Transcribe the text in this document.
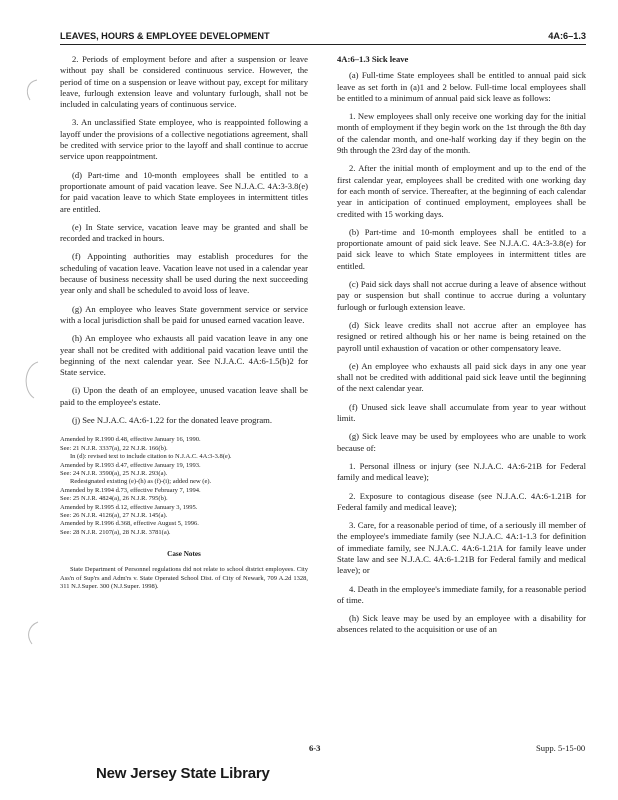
LEAVES, HOURS & EMPLOYEE DEVELOPMENT	4A:6–1.3

2. Periods of employment before and after a suspension or leave without pay shall be considered continuous service. However, the period of time on a suspension or leave without pay, except for military leave, furlough extension leave and voluntary furlough, shall not be included in calculating years of continuous service.

3. An unclassified State employee, who is reappointed following a layoff under the provisions of a collective negotiations agreement, shall be credited with service prior to the layoff and shall continue to accrue service upon reappointment.

(d) Part-time and 10-month employees shall be entitled to a proportionate amount of paid vacation leave. See N.J.A.C. 4A:3-3.8(e) for paid vacation leave to which State employees in intermittent titles are entitled.

(e) In State service, vacation leave may be granted and shall be recorded and tracked in hours.

(f) Appointing authorities may establish procedures for the scheduling of vacation leave. Vacation leave not used in a calendar year because of business necessity shall be used during the next succeeding year only and shall be scheduled to avoid loss of leave.

(g) An employee who leaves State government service or service with a local jurisdiction shall be paid for unused earned vacation leave.

(h) An employee who exhausts all paid vacation leave in any one year shall not be credited with additional paid vacation leave until the beginning of the next calendar year. See N.J.A.C. 4A:6-1.5(b)2 for State service.

(i) Upon the death of an employee, unused vacation leave shall be paid to the employee's estate.

(j) See N.J.A.C. 4A:6-1.22 for the donated leave program.

Amended by R.1990 d.48, effective January 16, 1990.
See: 21 N.J.R. 3337(a), 22 N.J.R. 166(b).
In (d): revised text to include citation to N.J.A.C. 4A:3-3.8(e).
Amended by R.1993 d.47, effective January 19, 1993.
See: 24 N.J.R. 3590(a), 25 N.J.R. 293(a).
Redesignated existing (e)-(h) as (f)-(i); added new (e).
Amended by R.1994 d.73, effective February 7, 1994.
See: 25 N.J.R. 4824(a), 26 N.J.R. 795(b).
Amended by R.1995 d.12, effective January 3, 1995.
See: 26 N.J.R. 4126(a), 27 N.J.R. 145(a).
Amended by R.1996 d.368, effective August 5, 1996.
See: 28 N.J.R. 2107(a), 28 N.J.R. 3781(a).
Case Notes
State Department of Personnel regulations did not relate to school district employees. City Ass'n of Sup'rs and Adm'rs v. State Operated School Dist. of City of Newark, 709 A.2d 1328, 311 N.J.Super. 300 (N.J.Super. 1998).
4A:6–1.3 Sick leave

(a) Full-time State employees shall be entitled to annual paid sick leave as set forth in (a)1 and 2 below. Full-time local employees shall be entitled to a minimum of annual paid sick leave as follows:

1. New employees shall only receive one working day for the initial month of employment if they begin work on the 1st through the 8th day of the calendar month, and one-half working day if they begin on the 9th through the 23rd day of the month.

2. After the initial month of employment and up to the end of the first calendar year, employees shall be credited with one working day for each month of service. Thereafter, at the beginning of each calendar year in anticipation of continued employment, employees shall be credited with 15 working days.

(b) Part-time and 10-month employees shall be entitled to a proportionate amount of paid sick leave. See N.J.A.C. 4A:3-3.8(e) for paid sick leave to which State employees in intermittent titles are entitled.

(c) Paid sick days shall not accrue during a leave of absence without pay or suspension but shall continue to accrue during a voluntary furlough or furlough extension leave.

(d) Sick leave credits shall not accrue after an employee has resigned or retired although his or her name is being retained on the payroll until exhaustion of vacation or other compensatory leave.

(e) An employee who exhausts all paid sick days in any one year shall not be credited with additional paid sick leave until the beginning of the next calendar year.

(f) Unused sick leave shall accumulate from year to year without limit.

(g) Sick leave may be used by employees who are unable to work because of:

1. Personal illness or injury (see N.J.A.C. 4A:6-21B for Federal family and medical leave);

2. Exposure to contagious disease (see N.J.A.C. 4A:6-1.21B for Federal family and medical leave);

3. Care, for a reasonable period of time, of a seriously ill member of the employee's immediate family (see N.J.A.C. 4A:1-1.3 for definition of immediate family, see N.J.A.C. 4A:6-1.21A for family leave under State law and see N.J.A.C. 4A:6-1.21B for Federal family and medical leave); or

4. Death in the employee's immediate family, for a reasonable period of time.

(h) Sick leave may be used by an employee with a disability for absences related to the acquisition or use of an

6-3	Supp. 5-15-00
New Jersey State Library
